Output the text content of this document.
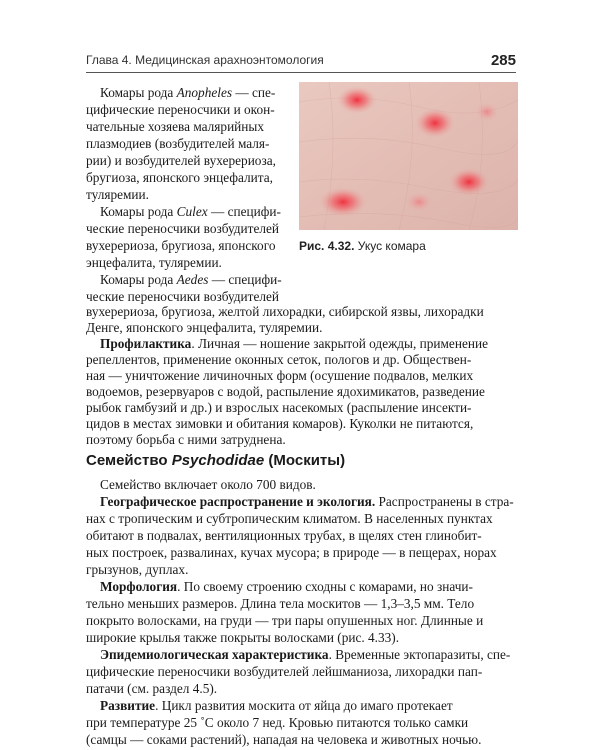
Глава 4. Медицинская арахноэнтомология	285
Рис. 4.32. Укус комара
Комары рода Anopheles — спе-
цифические переносчики и окон-
чательные хозяева малярийных
плазмодиев (возбудителей маля-
рии) и возбудителей вухерериоза,
бругиоза, японского энцефалита,
туляремии.
Комары рода Culex — специфи-
ческие переносчики возбудителей
вухерериоза, бругиоза, японского
энцефалита, туляремии.
Комары рода Aedes — специфи-
ческие переносчики возбудителей
вухерериоза, бругиоза, желтой лихорадки, сибирской язвы, лихорадки
Денге, японского энцефалита, туляремии.
Профилактика. Личная — ношение закрытой одежды, применение
репеллентов, применение оконных сеток, пологов и др. Обществен-
ная — уничтожение личиночных форм (осушение подвалов, мелких
водоемов, резервуаров с водой, распыление ядохимикатов, разведение
рыбок гамбузий и др.) и взрослых насекомых (распыление инсекти-
Семейство Psychodidae (Москиты)
цидов в местах зимовки и обитания комаров). Куколки не питаются,
Семейство включает около 700 видов.
Географическое распространение и экология. Распространены в стра-
нах с тропическим и субтропическим климатом. В населенных пунктах
обитают в подвалах, вентиляционных трубах, в щелях стен глинобит-
ных построек, развалинах, кучах мусора; в природе — в пещерах, норах
грызунов, дуплах.
Морфология. По своему строению сходны с комарами, но значи-
тельно меньших размеров. Длина тела москитов — 1,3–3,5 мм. Тело
покрыто волосками, на груди — три пары опушенных ног. Длинные и
широкие крылья также покрыты волосками (рис. 4.33).
Эпидемиологическая характеристика. Временные эктопаразиты, спе-
цифические переносчики возбудителей лейшманиоза, лихорадки пап-
патачи (см. раздел 4.5).
Развитие. Цикл развития москита от яйца до имаго протекает
при температуре 25 ˚С около 7 нед. Кровью питаются только самки
(самцы — соками растений), нападая на человека и животных ночью.
поэтому борьба с ними затруднена.
